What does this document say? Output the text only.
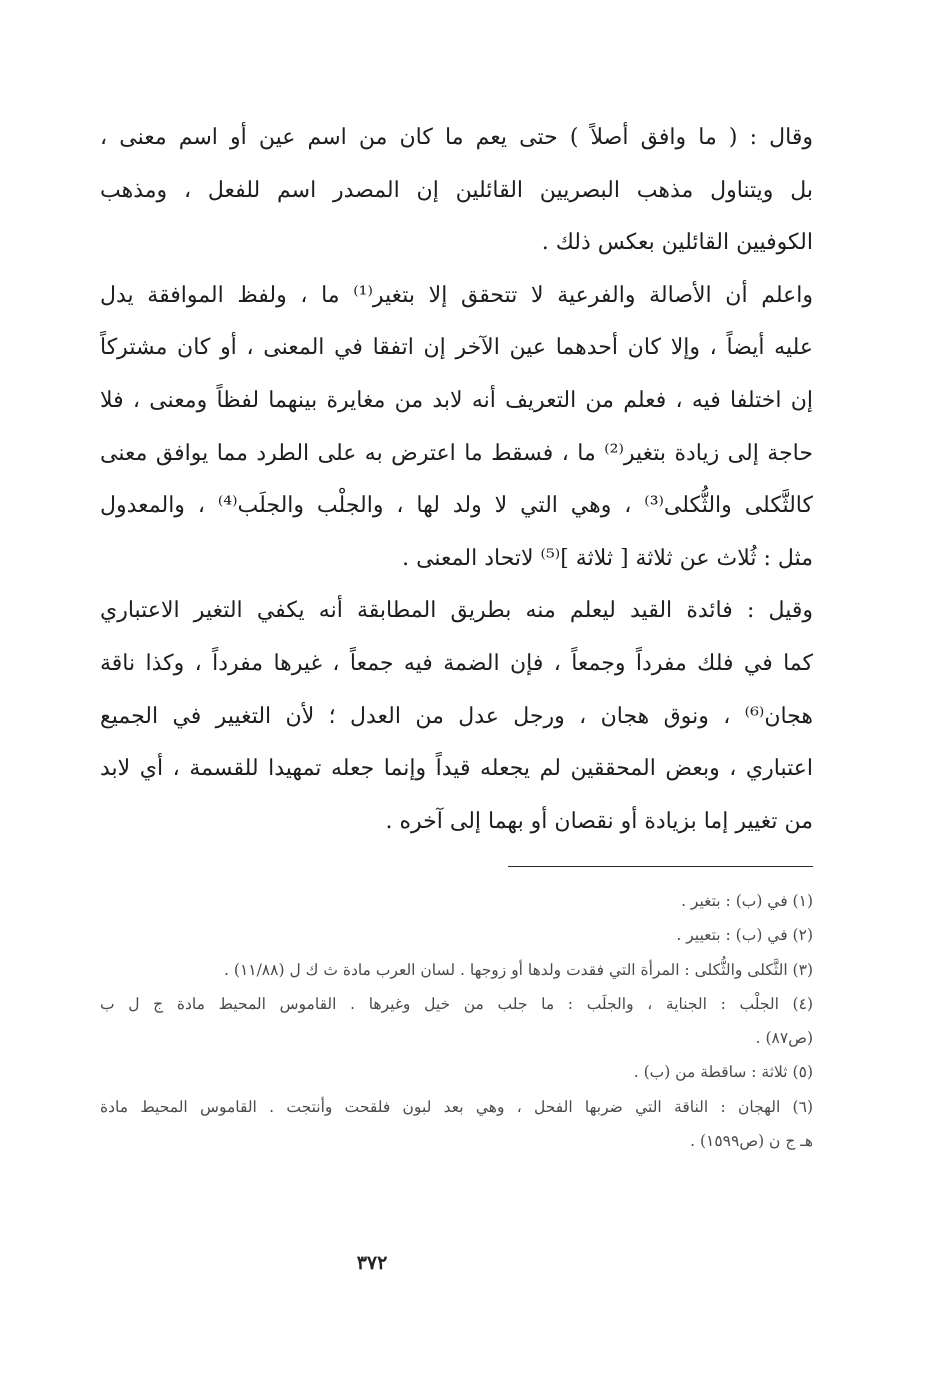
وقال : ( ما وافق أصلاً ) حتى يعم ما كان من اسم عين أو اسم معنى ،
بل ويتناول مذهب البصريين القائلين إن المصدر اسم للفعل ، ومذهب
الكوفيين القائلين بعكس ذلك .
واعلم أن الأصالة والفرعية لا تتحقق إلا بتغير⁽¹⁾ ما ، ولفظ الموافقة يدل
عليه أيضاً ، وإلا كان أحدهما عين الآخر إن اتفقا في المعنى ، أو كان مشتركاً
إن اختلفا فيه ، فعلم من التعريف أنه لابد من مغايرة بينهما لفظاً ومعنى ، فلا
حاجة إلى زيادة بتغير⁽²⁾ ما ، فسقط ما اعترض به على الطرد مما يوافق معنى
كالثَّكلى والثُّكلى⁽³⁾ ، وهي التي لا ولد لها ، والجلْب والجلَب⁽⁴⁾ ، والمعدول
مثل : ثُلاث عن ثلاثة [ ثلاثة ]⁽⁵⁾ لاتحاد المعنى .
وقيل : فائدة القيد ليعلم منه بطريق المطابقة أنه يكفي التغير الاعتباري
كما في فلك مفرداً وجمعاً ، فإن الضمة فيه جمعاً ، غيرها مفرداً ، وكذا ناقة
هجان⁽⁶⁾ ، ونوق هجان ، ورجل عدل من العدل ؛ لأن التغيير في الجميع
اعتباري ، وبعض المحققين لم يجعله قيداً وإنما جعله تمهيدا للقسمة ، أي لابد
من تغيير إما بزيادة أو نقصان أو بهما إلى آخره .
(١) في (ب) : بتغير .
(٢) في (ب) : بتعيير .
(٣) الثَّكلى والثُّكلى : المرأة التي فقدت ولدها أو زوجها . لسان العرب مادة ث ك ل (١١/٨٨) .
(٤) الجلْب : الجناية ، والجلَب : ما جلب من خيل وغيرها . القاموس المحيط مادة ج ل ب
(ص٨٧) .
(٥) ثلاثة : ساقطة من (ب) .
(٦) الهجان : الناقة التي ضربها الفحل ، وهي بعد لبون فلقحت وأنتجت . القاموس المحيط مادة
هـ ج ن (ص١٥٩٩) .
٣٧٢
